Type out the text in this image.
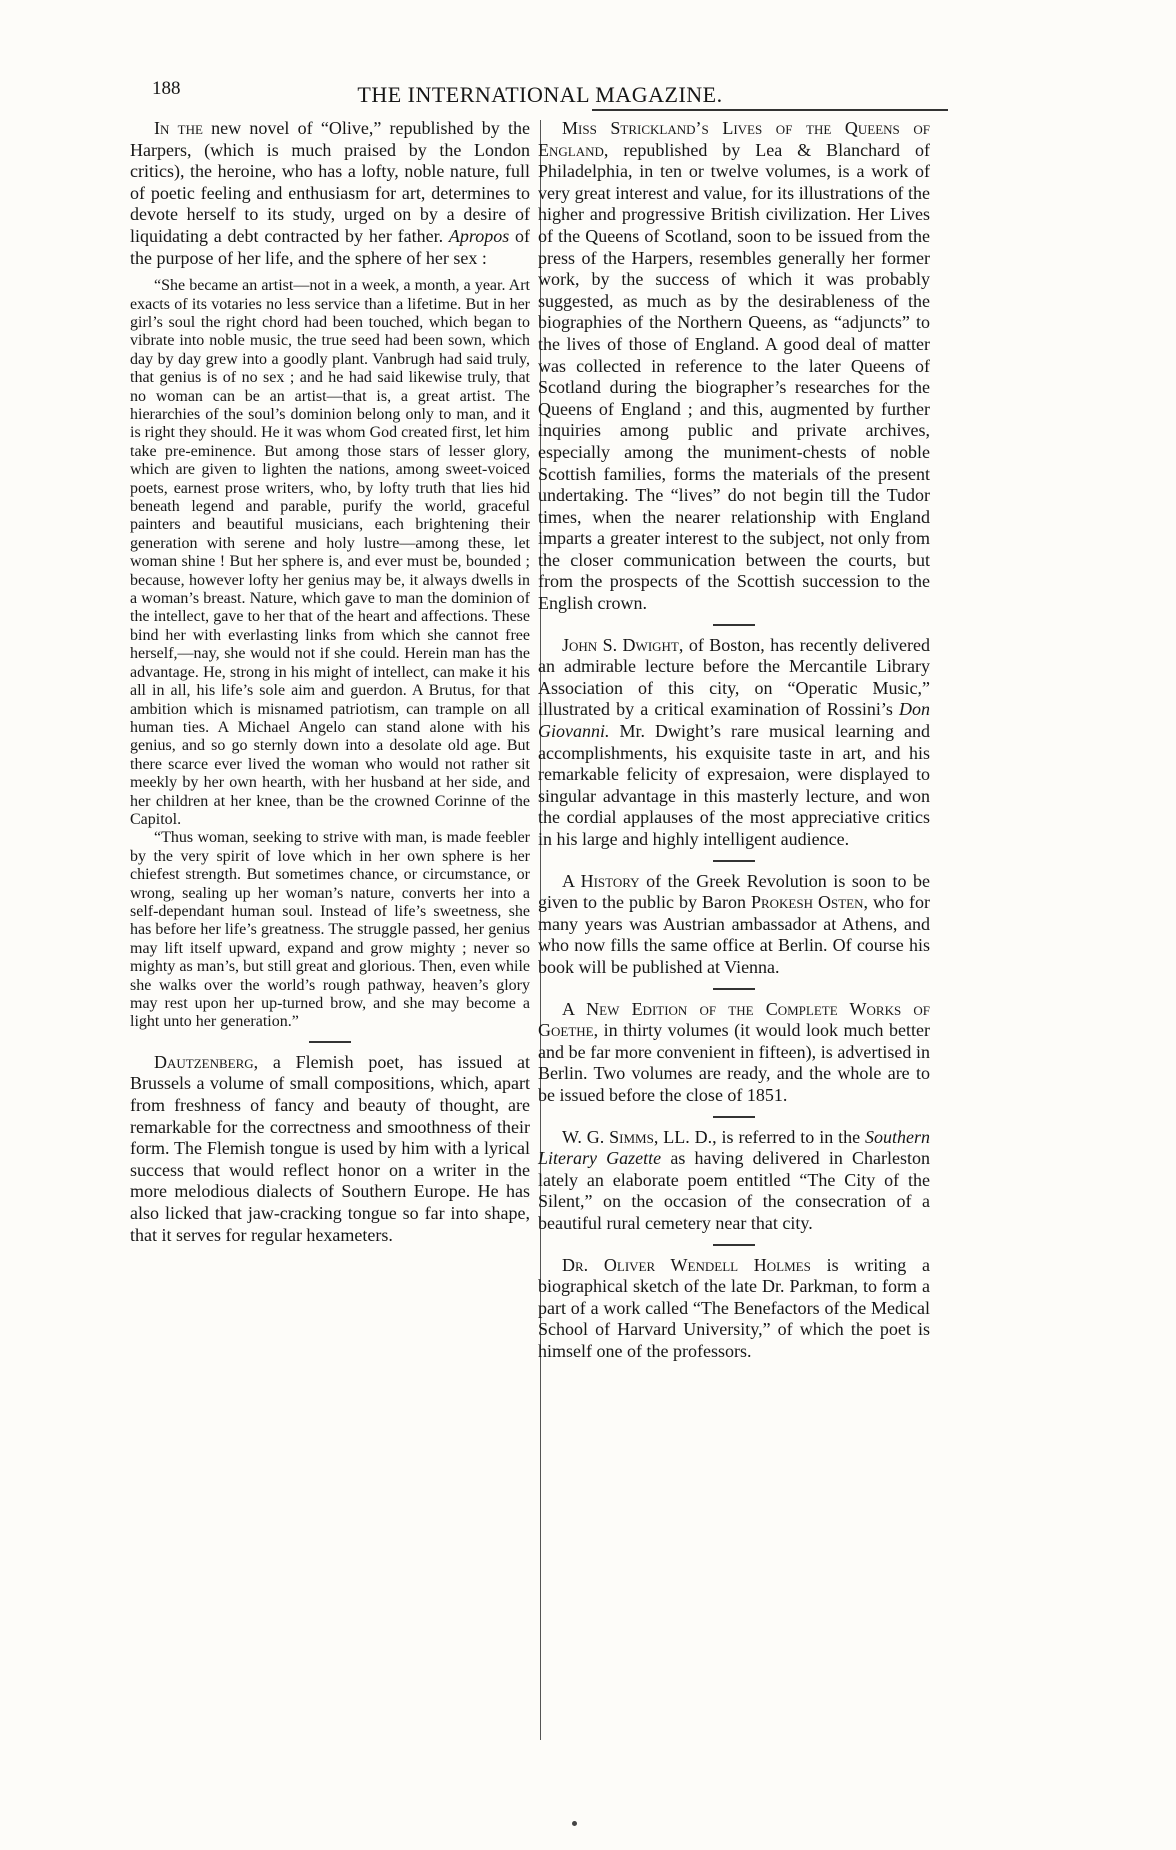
188	THE INTERNATIONAL MAGAZINE.

In the new novel of “Olive,” republished by the Harpers, (which is much praised by the London critics), the heroine, who has a lofty, noble nature, full of poetic feeling and enthusiasm for art, determines to devote herself to its study, urged on by a desire of liquidating a debt contracted by her father. Apropos of the purpose of her life, and the sphere of her sex :

“She became an artist—not in a week, a month, a year. Art exacts of its votaries no less service than a lifetime. But in her girl’s soul the right chord had been touched, which began to vibrate into noble music, the true seed had been sown, which day by day grew into a goodly plant. Vanbrugh had said truly, that genius is of no sex ; and he had said likewise truly, that no woman can be an artist—that is, a great artist. The hierarchies of the soul’s dominion belong only to man, and it is right they should. He it was whom God created first, let him take pre-eminence. But among those stars of lesser glory, which are given to lighten the nations, among sweet-voiced poets, earnest prose writers, who, by lofty truth that lies hid beneath legend and parable, purify the world, graceful painters and beautiful musicians, each brightening their generation with serene and holy lustre—among these, let woman shine ! But her sphere is, and ever must be, bounded ; because, however lofty her genius may be, it always dwells in a woman’s breast. Nature, which gave to man the dominion of the intellect, gave to her that of the heart and affections. These bind her with everlasting links from which she cannot free herself,—nay, she would not if she could. Herein man has the advantage. He, strong in his might of intellect, can make it his all in all, his life’s sole aim and guerdon. A Brutus, for that ambition which is misnamed patriotism, can trample on all human ties. A Michael Angelo can stand alone with his genius, and so go sternly down into a desolate old age. But there scarce ever lived the woman who would not rather sit meekly by her own hearth, with her husband at her side, and her children at her knee, than be the crowned Corinne of the Capitol.

“Thus woman, seeking to strive with man, is made feebler by the very spirit of love which in her own sphere is her chiefest strength. But sometimes chance, or circumstance, or wrong, sealing up her woman’s nature, converts her into a self-dependant human soul. Instead of life’s sweetness, she has before her life’s greatness. The struggle passed, her genius may lift itself upward, expand and grow mighty ; never so mighty as man’s, but still great and glorious. Then, even while she walks over the world’s rough pathway, heaven’s glory may rest upon her up-turned brow, and she may become a light unto her generation.”

Dautzenberg, a Flemish poet, has issued at Brussels a volume of small compositions, which, apart from freshness of fancy and beauty of thought, are remarkable for the correctness and smoothness of their form. The Flemish tongue is used by him with a lyrical success that would reflect honor on a writer in the more melodious dialects of Southern Europe. He has also licked that jaw-cracking tongue so far into shape, that it serves for regular hexameters.

Miss Strickland’s Lives of the Queens of England, republished by Lea & Blanchard of Philadelphia, in ten or twelve volumes, is a work of very great interest and value, for its illustrations of the higher and progressive British civilization. Her Lives of the Queens of Scotland, soon to be issued from the press of the Harpers, resembles generally her former work, by the success of which it was probably suggested, as much as by the desirableness of the biographies of the Northern Queens, as “adjuncts” to the lives of those of England. A good deal of matter was collected in reference to the later Queens of Scotland during the biographer’s researches for the Queens of England ; and this, augmented by further inquiries among public and private archives, especially among the muniment-chests of noble Scottish families, forms the materials of the present undertaking. The “lives” do not begin till the Tudor times, when the nearer relationship with England imparts a greater interest to the subject, not only from the closer communication between the courts, but from the prospects of the Scottish succession to the English crown.

John S. Dwight, of Boston, has recently delivered an admirable lecture before the Mercantile Library Association of this city, on “Operatic Music,” illustrated by a critical examination of Rossini’s Don Giovanni. Mr. Dwight’s rare musical learning and accomplishments, his exquisite taste in art, and his remarkable felicity of expresaion, were displayed to singular advantage in this masterly lecture, and won the cordial applauses of the most appreciative critics in his large and highly intelligent audience.

A History of the Greek Revolution is soon to be given to the public by Baron Prokesh Osten, who for many years was Austrian ambassador at Athens, and who now fills the same office at Berlin. Of course his book will be published at Vienna.

A New Edition of the Complete Works of Goethe, in thirty volumes (it would look much better and be far more convenient in fifteen), is advertised in Berlin. Two volumes are ready, and the whole are to be issued before the close of 1851.

W. G. Simms, LL. D., is referred to in the Southern Literary Gazette as having delivered in Charleston lately an elaborate poem entitled “The City of the Silent,” on the occasion of the consecration of a beautiful rural cemetery near that city.

Dr. Oliver Wendell Holmes is writing a biographical sketch of the late Dr. Parkman, to form a part of a work called “The Benefactors of the Medical School of Harvard University,” of which the poet is himself one of the professors.
